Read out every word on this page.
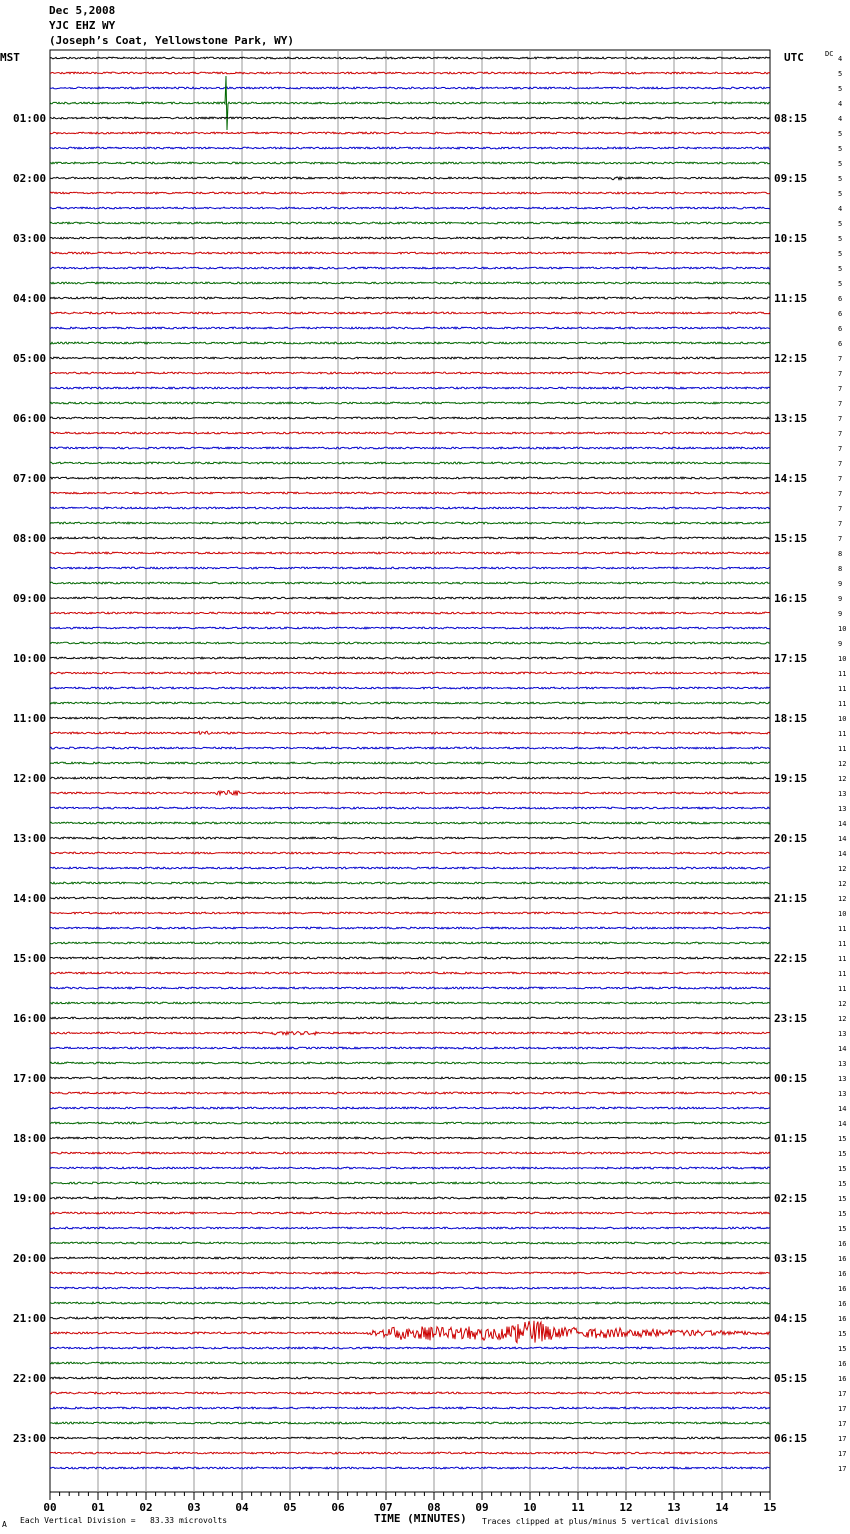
Dec 5,2008
YJC EHZ WY
(Joseph’s Coat, Yellowstone Park, WY)
01:00
02:00
03:00
04:00
05:00
06:00
07:00
08:00
09:00
10:00
11:00
12:00
13:00
14:00
15:00
16:00
17:00
18:00
19:00
20:00
21:00
22:00
23:00
08:15
09:15
10:15
11:15
12:15
13:15
14:15
15:15
16:15
17:15
18:15
19:15
20:15
21:15
22:15
23:15
00:15
01:15
02:15
03:15
04:15
05:15
06:15
4
5
5
4
4
5
5
5
5
5
4
5
5
5
5
5
6
6
6
6
7
7
7
7
7
7
7
7
7
7
7
7
7
8
8
9
9
9
10
9
10
11
11
11
10
11
11
12
12
13
13
14
14
14
12
12
12
10
11
11
11
11
11
12
12
13
14
13
13
13
14
14
15
15
15
15
15
15
15
16
16
16
16
16
16
15
15
16
16
17
17
17
17
17
17
00	01	02	03	04	05	06	07	08	09	10	11	12	13	14	15
MST	UTC	DC
TIME (MINUTES)
A Each Vertical Division =   83.33 microvolts	Traces clipped at plus/minus 5 vertical divisions
